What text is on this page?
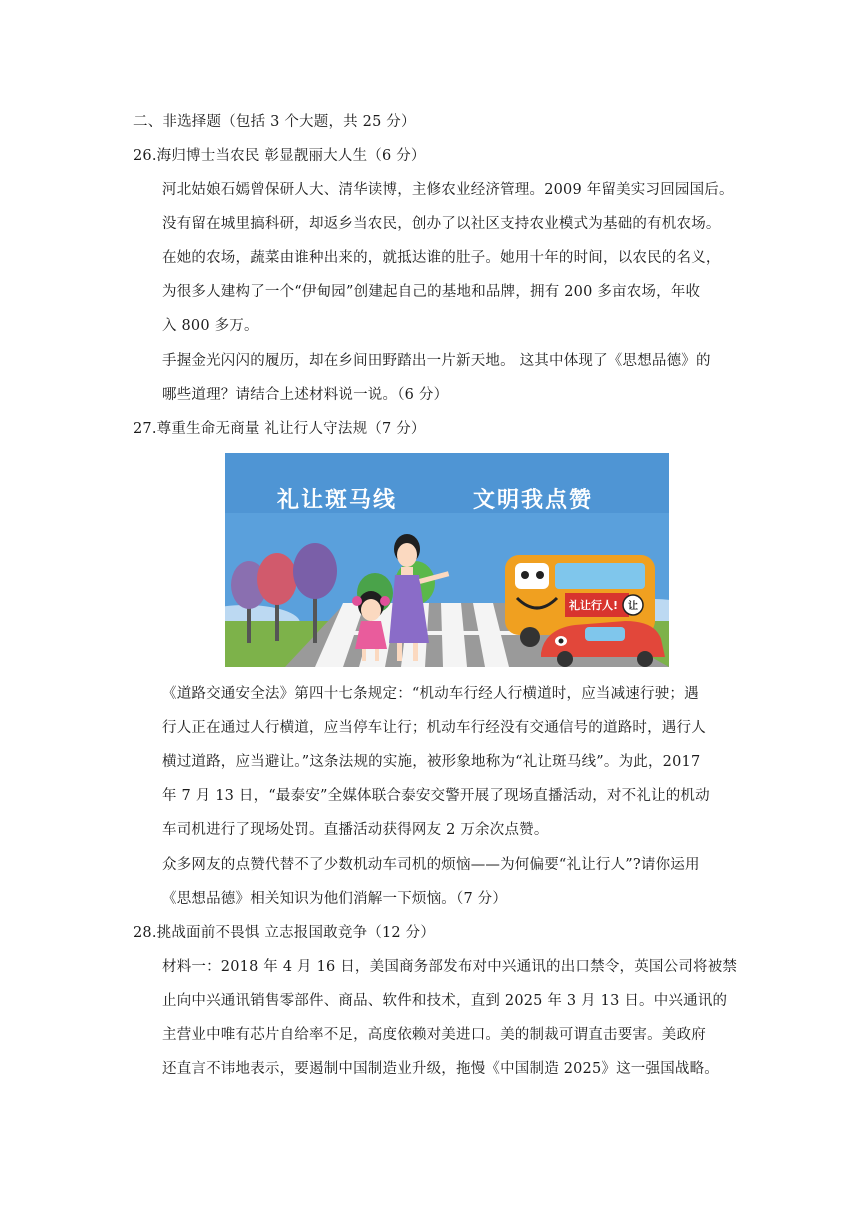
二、非选择题（包括 3 个大题，共 25 分）
26.海归博士当农民 彰显靓丽大人生（6 分）
河北姑娘石嫣曾保研人大、清华读博，主修农业经济管理。2009 年留美实习回园国后。
没有留在城里搞科研，却返乡当农民，创办了以社区支持农业模式为基础的有机农场。
在她的农场，蔬菜由谁种出来的，就抵达谁的肚子。她用十年的时间，以农民的名义，
为很多人建构了一个“伊甸园”创建起自己的基地和品牌，拥有 200 多亩农场，年收
入 800 多万。
手握金光闪闪的履历，却在乡间田野踏出一片新天地。 这其中体现了《思想品德》的
哪些道理？请结合上述材料说一说。（6 分）
27.尊重生命无商量 礼让行人守法规（7 分）
礼让斑马线	文明我点赞
礼让行人! 让
《道路交通安全法》第四十七条规定：“机动车行经人行横道时，应当减速行驶；遇
行人正在通过人行横道，应当停车让行；机动车行经没有交通信号的道路时，遇行人
横过道路，应当避让。”这条法规的实施，被形象地称为“礼让斑马线”。为此，2017
年 7 月 13 日，“最泰安”全媒体联合泰安交警开展了现场直播活动，对不礼让的机动
车司机进行了现场处罚。直播活动获得网友 2 万余次点赞。
众多网友的点赞代替不了少数机动车司机的烦恼——为何偏要“礼让行人”?请你运用
《思想品德》相关知识为他们消解一下烦恼。（7 分）
28.挑战面前不畏惧 立志报国敢竞争（12 分）
材料一：2018 年 4 月 16 日，美国商务部发布对中兴通讯的出口禁令，英国公司将被禁
止向中兴通讯销售零部件、商品、软件和技术，直到 2025 年 3 月 13 日。中兴通讯的
主营业中唯有芯片自给率不足，高度依赖对美进口。美的制裁可谓直击要害。美政府
还直言不讳地表示，要遏制中国制造业升级，拖慢《中国制造 2025》这一强国战略。
